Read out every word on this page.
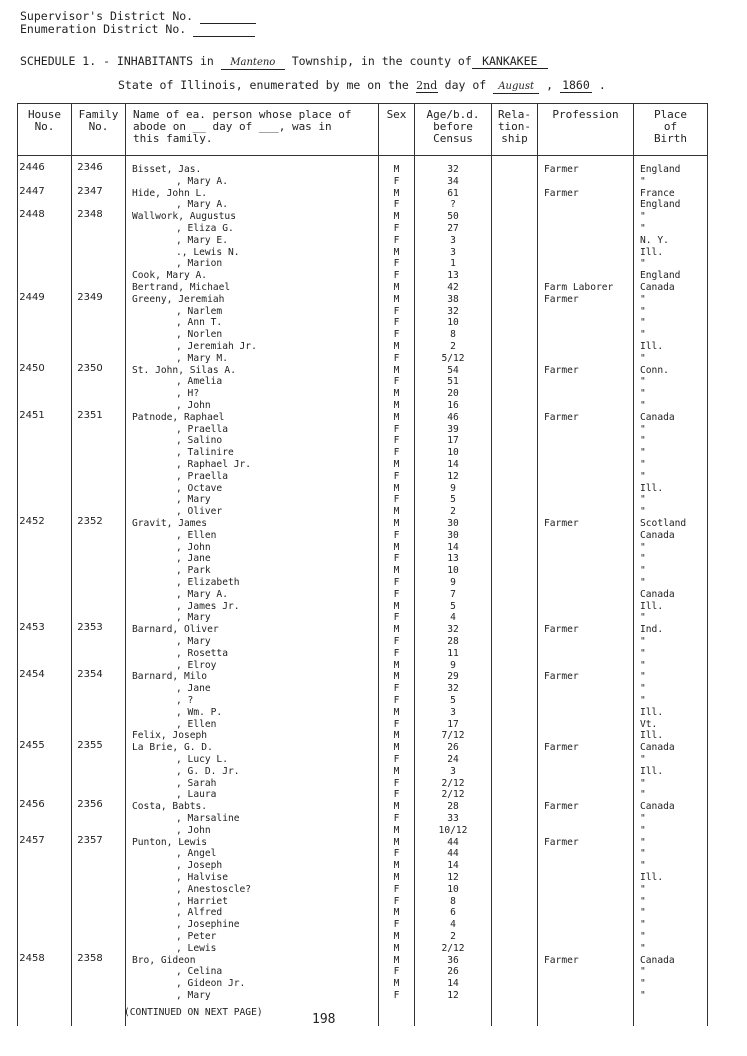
Supervisor's District No.
Enumeration District No.
SCHEDULE 1. - INHABITANTS in Manteno Township, in the county of KANKAKEE
State of Illinois, enumerated by me on the 2nd day of August , 1860 .
House
No.
Family
No.
Name of ea. person whose place of
abode on __ day of ___, was in
this family.
Sex	Age/b.d.
before
Census
Rela-
tion-
ship
Profession	Place
of
Birth
2446	2346	Bisset, Jas.	M	32	Farmer	England
, Mary A.	F	34	"
2447	2347	Hide, John L.	M	61	Farmer	France
, Mary A.	F	?	England
2448	2348	Wallwork, Augustus	M	50	"
, Eliza G.	F	27	"
, Mary E.	F	3	N. Y.
., Lewis N.	M	3	Ill.
, Marion	F	1	"
Cook, Mary A.	F	13	England
Bertrand, Michael	M	42	Farm Laborer	Canada
2449	2349	Greeny, Jeremiah	M	38	Farmer	"
, Narlem	F	32	"
, Ann T.	F	10	"
, Norlen	F	8	"
, Jeremiah Jr.	M	2	Ill.
, Mary M.	F	5/12	"
2450	2350	St. John, Silas A.	M	54	Farmer	Conn.
, Amelia	F	51	"
, H?	M	20	"
, John	M	16	"
2451	2351	Patnode, Raphael	M	46	Farmer	Canada
, Praella	F	39	"
, Salino	F	17	"
, Talinire	F	10	"
, Raphael Jr.	M	14	"
, Praella	F	12	"
, Octave	M	9	Ill.
, Mary	F	5	"
, Oliver	M	2	"
2452	2352	Gravit, James	M	30	Farmer	Scotland
, Ellen	F	30	Canada
, John	M	14	"
, Jane	F	13	"
, Park	M	10	"
, Elizabeth	F	9	"
, Mary A.	F	7	Canada
, James Jr.	M	5	Ill.
, Mary	F	4	"
2453	2353	Barnard, Oliver	M	32	Farmer	Ind.
, Mary	F	28	"
, Rosetta	F	11	"
, Elroy	M	9	"
2454	2354	Barnard, Milo	M	29	Farmer	"
, Jane	F	32	"
, ?	F	5	"
, Wm. P.	M	3	Ill.
, Ellen	F	17	Vt.
Felix, Joseph	M	7/12	Ill.
2455	2355	La Brie, G. D.	M	26	Farmer	Canada
, Lucy L.	F	24	"
, G. D. Jr.	M	3	Ill.
, Sarah	F	2/12	"
, Laura	F	2/12	"
2456	2356	Costa, Babts.	M	28	Farmer	Canada
, Marsaline	F	33	"
, John	M	10/12	"
2457	2357	Punton, Lewis	M	44	Farmer	"
, Angel	F	44	"
, Joseph	M	14	"
, Halvise	M	12	Ill.
, Anestoscle?	F	10	"
, Harriet	F	8	"
, Alfred	M	6	"
, Josephine	F	4	"
, Peter	M	2	"
, Lewis	M	2/12	"
2458	2358	Bro, Gideon	M	36	Farmer	Canada
, Celina	F	26	"
, Gideon Jr.	M	14	"
, Mary	F	12	"
(CONTINUED ON NEXT PAGE)	198
